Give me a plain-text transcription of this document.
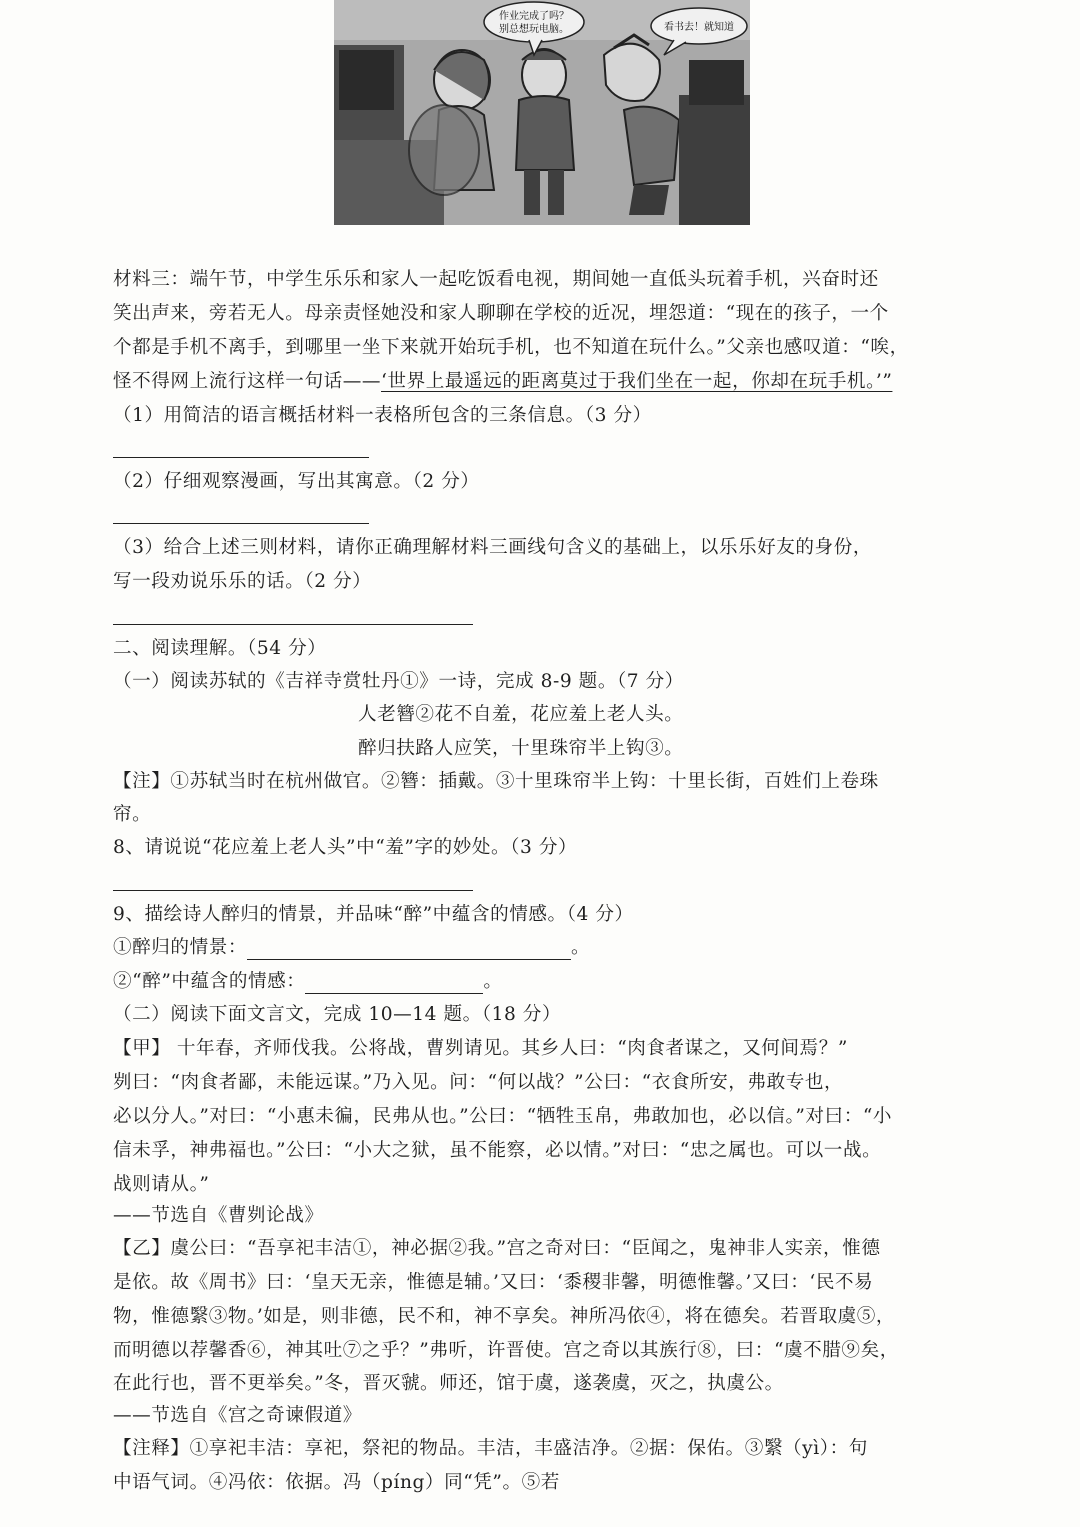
作业完成了吗？
别总想玩电脑。	看书去！就知道

材料三：端午节，中学生乐乐和家人一起吃饭看电视，期间她一直低头玩着手机，兴奋时还

笑出声来，旁若无人。母亲责怪她没和家人聊聊在学校的近况，埋怨道：“现在的孩子，一个

个都是手机不离手，到哪里一坐下来就开始玩手机，也不知道在玩什么。”父亲也感叹道：“唉，

怪不得网上流行这样一句话——‘世界上最遥远的距离莫过于我们坐在一起，你却在玩手机。’”

（1）用简洁的语言概括材料一表格所包含的三条信息。（3 分）

（2）仔细观察漫画，写出其寓意。（2 分）

（3）给合上述三则材料，请你正确理解材料三画线句含义的基础上，以乐乐好友的身份，

写一段劝说乐乐的话。（2 分）

二、阅读理解。（54 分）

（一）阅读苏轼的《吉祥寺赏牡丹①》一诗，完成 8-9 题。（7 分）

人老簪②花不自羞，花应羞上老人头。

醉归扶路人应笑，十里珠帘半上钩③。

【注】①苏轼当时在杭州做官。②簪：插戴。③十里珠帘半上钩：十里长街，百姓们上卷珠

帘。

8、请说说“花应羞上老人头”中“羞”字的妙处。（3 分）

9、描绘诗人醉归的情景，并品味“醉”中蕴含的情感。（4 分）

①醉归的情景：	。

②“醉”中蕴含的情感：	。

（二）阅读下面文言文，完成 10—14 题。（18 分）

【甲】 十年春，齐师伐我。公将战，曹刿请见。其乡人曰：“肉食者谋之，又何间焉？”

刿曰：“肉食者鄙，未能远谋。”乃入见。问：“何以战？”公曰：“衣食所安，弗敢专也，

必以分人。”对曰：“小惠未徧，民弗从也。”公曰：“牺牲玉帛，弗敢加也，必以信。”对曰：“小

信未孚，神弗福也。”公曰：“小大之狱，虽不能察，必以情。”对曰：“忠之属也。可以一战。

战则请从。”

——节选自《曹刿论战》

【乙】虞公曰：“吾享祀丰洁①，神必据②我。”宫之奇对曰：“臣闻之，鬼神非人实亲，惟德

是依。故《周书》曰：‘皇天无亲，惟德是辅。’又曰：‘黍稷非馨，明德惟馨。’又曰：‘民不易

物，惟德繄③物。’如是，则非德，民不和，神不享矣。神所冯依④，将在德矣。若晋取虞⑤，

而明德以荐馨香⑥，神其吐⑦之乎？”弗听，许晋使。宫之奇以其族行⑧，曰：“虞不腊⑨矣，

在此行也，晋不更举矣。”冬，晋灭虢。师还，馆于虞，遂袭虞，灭之，执虞公。

——节选自《宫之奇谏假道》

【注释】①享祀丰洁：享祀，祭祀的物品。丰洁，丰盛洁净。②据：保佑。③繄（yì）：句

中语气词。④冯依：依据。冯（píng）同“凭”。⑤若
